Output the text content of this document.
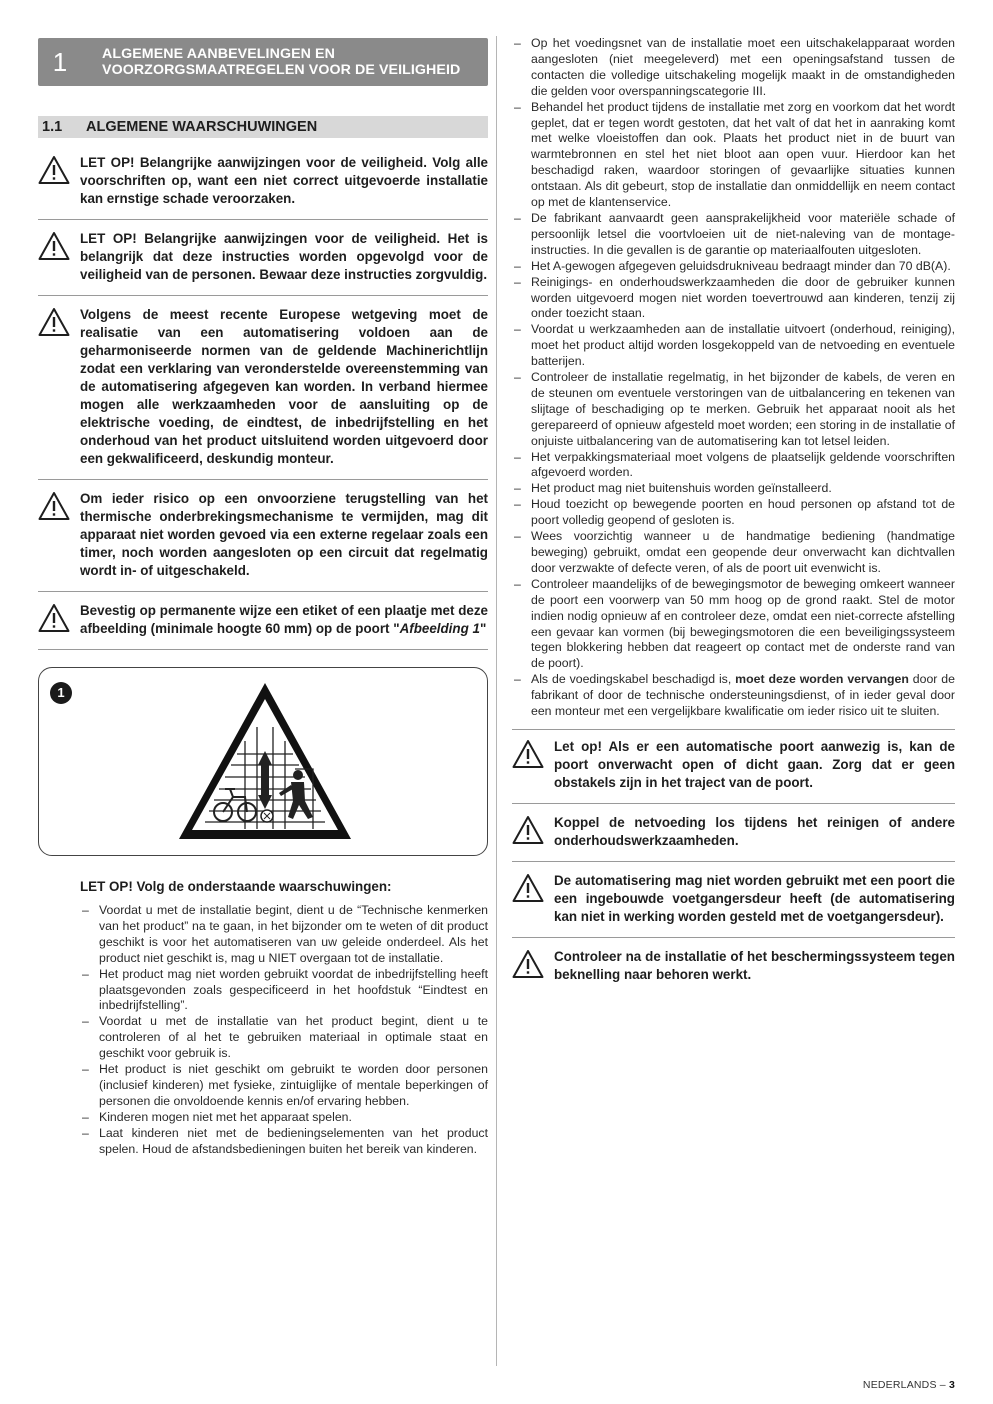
1	ALGEMENE AANBEVELINGEN EN
VOORZORGSMAATREGELEN VOOR DE VEILIGHEID
1.1	ALGEMENE WAARSCHUWINGEN
LET OP! Belangrijke aanwijzingen voor de veiligheid. Volg alle voorschriften op, want een niet correct uitgevoerde installatie kan ernstige schade veroorzaken.
LET OP! Belangrijke aanwijzingen voor de veiligheid. Het is belangrijk dat deze instructies worden opgevolgd voor de veiligheid van de personen. Bewaar deze instructies zorgvuldig.
Volgens de meest recente Europese wetgeving moet de realisatie van een automatisering voldoen aan de geharmoniseerde normen van de geldende Machinerichtlijn zodat een verklaring van veronderstelde overeenstemming van de automatisering afgegeven kan worden. In verband hiermee mogen alle werkzaamheden voor de aansluiting op de elektrische voeding, de eindtest, de inbedrijfstelling en het onderhoud van het product uitsluitend worden uitgevoerd door een gekwalificeerd, deskundig monteur.
Om ieder risico op een onvoorziene terugstelling van het thermische onderbrekingsmechanisme te vermijden, mag dit apparaat niet worden gevoed via een externe regelaar zoals een timer, noch worden aangesloten op een circuit dat regelmatig wordt in- of uitgeschakeld.
Bevestig op permanente wijze een etiket of een plaatje met deze afbeelding (minimale hoogte 60 mm) op de poort "Afbeelding 1"
1
LET OP! Volg de onderstaande waarschuwingen:
– Voordat u met de installatie begint, dient u de “Technische kenmerken van het product” na te gaan, in het bijzonder om te weten of dit product geschikt is voor het automatiseren van uw geleide onderdeel. Als het product niet geschikt is, mag u NIET overgaan tot de installatie.
– Het product mag niet worden gebruikt voordat de inbedrijfstelling heeft plaatsgevonden zoals gespecificeerd in het hoofdstuk “Eindtest en inbedrijfstelling”.
– Voordat u met de installatie van het product begint, dient u te controleren of al het te gebruiken materiaal in optimale staat en geschikt voor gebruik is.
– Het product is niet geschikt om gebruikt te worden door personen (inclusief kinderen) met fysieke, zintuiglijke of mentale beperkingen of personen die onvoldoende kennis en/of ervaring hebben.
– Kinderen mogen niet met het apparaat spelen.
– Laat kinderen niet met de bedieningselementen van het product spelen. Houd de afstandsbedieningen buiten het bereik van kinderen.
– Op het voedingsnet van de installatie moet een uitschakelapparaat worden aangesloten (niet meegeleverd) met een openingsafstand tussen de contacten die volledige uitschakeling mogelijk maakt in de omstandigheden die gelden voor overspanningscategorie III.
– Behandel het product tijdens de installatie met zorg en voorkom dat het wordt geplet, dat er tegen wordt gestoten, dat het valt of dat het in aanraking komt met welke vloeistoffen dan ook. Plaats het product niet in de buurt van warmtebronnen en stel het niet bloot aan open vuur. Hierdoor kan het beschadigd raken, waardoor storingen of gevaarlijke situaties kunnen ontstaan. Als dit gebeurt, stop de installatie dan onmiddellijk en neem contact op met de klantenservice.
– De fabrikant aanvaardt geen aansprakelijkheid voor materiële schade of persoonlijk letsel die voortvloeien uit de niet-naleving van de montage-instructies. In die gevallen is de garantie op materiaalfouten uitgesloten.
– Het A-gewogen afgegeven geluidsdrukniveau bedraagt minder dan 70 dB(A).
– Reinigings- en onderhoudswerkzaamheden die door de gebruiker kunnen worden uitgevoerd mogen niet worden toevertrouwd aan kinderen, tenzij zij onder toezicht staan.
– Voordat u werkzaamheden aan de installatie uitvoert (onderhoud, reiniging), moet het product altijd worden losgekoppeld van de netvoeding en eventuele batterijen.
– Controleer de installatie regelmatig, in het bijzonder de kabels, de veren en de steunen om eventuele verstoringen van de uitbalancering en tekenen van slijtage of beschadiging op te merken. Gebruik het apparaat nooit als het gerepareerd of opnieuw afgesteld moet worden; een storing in de installatie of onjuiste uitbalancering van de automatisering kan tot letsel leiden.
– Het verpakkingsmateriaal moet volgens de plaatselijk geldende voorschriften afgevoerd worden.
– Het product mag niet buitenshuis worden geïnstalleerd.
– Houd toezicht op bewegende poorten en houd personen op afstand tot de poort volledig geopend of gesloten is.
– Wees voorzichtig wanneer u de handmatige bediening (handmatige beweging) gebruikt, omdat een geopende deur onverwacht kan dichtvallen door verzwakte of defecte veren, of als de poort uit evenwicht is.
– Controleer maandelijks of de bewegingsmotor de beweging omkeert wanneer de poort een voorwerp van 50 mm hoog op de grond raakt. Stel de motor indien nodig opnieuw af en controleer deze, omdat een niet-correcte afstelling een gevaar kan vormen (bij bewegingsmotoren die een beveiligingssysteem tegen blokkering hebben dat reageert op contact met de onderste rand van de poort).
– Als de voedingskabel beschadigd is, moet deze worden vervangen door de fabrikant of door de technische ondersteuningsdienst, of in ieder geval door een monteur met een vergelijkbare kwalificatie om ieder risico uit te sluiten.
Let op! Als er een automatische poort aanwezig is, kan de poort onverwacht open of dicht gaan. Zorg dat er geen obstakels zijn in het traject van de poort.
Koppel de netvoeding los tijdens het reinigen of andere onderhoudswerkzaamheden.
De automatisering mag niet worden gebruikt met een poort die een ingebouwde voetgangersdeur heeft (de automatisering kan niet in werking worden gesteld met de voetgangersdeur).
Controleer na de installatie of het beschermingssysteem tegen beknelling naar behoren werkt.
NEDERLANDS – 3
